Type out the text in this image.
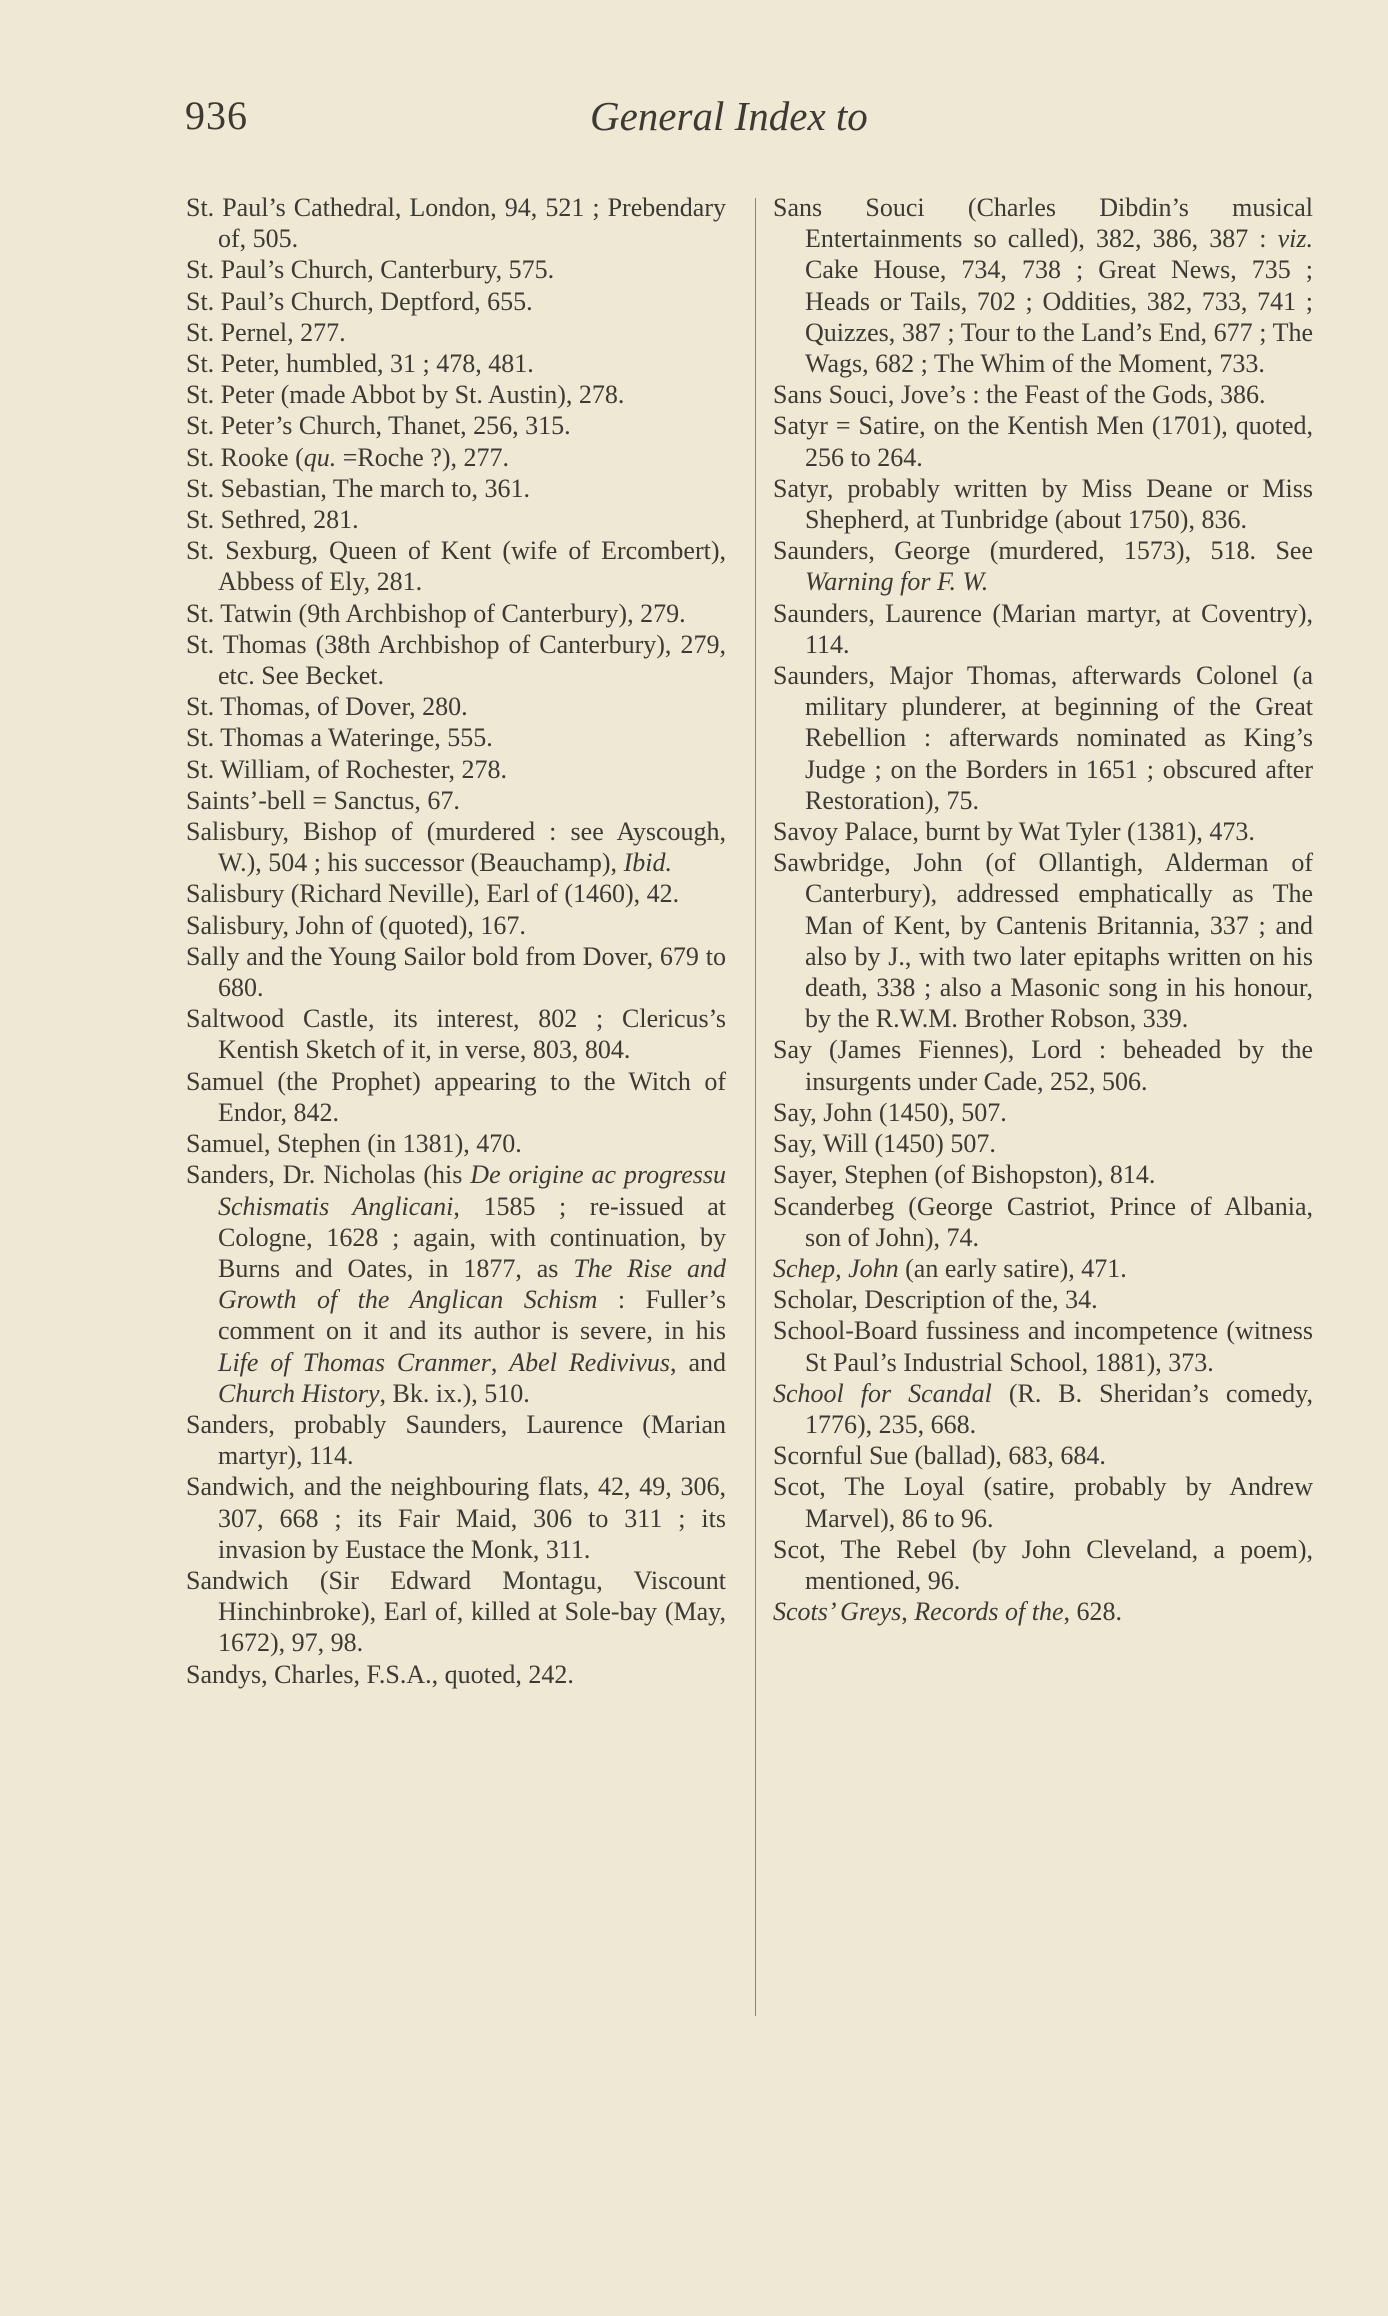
936	General Index to

St. Paul’s Cathedral, London, 94, 521 ; Prebendary of, 505.

St. Paul’s Church, Canterbury, 575.

St. Paul’s Church, Deptford, 655.

St. Pernel, 277.

St. Peter, humbled, 31 ; 478, 481.

St. Peter (made Abbot by St. Austin), 278.

St. Peter’s Church, Thanet, 256, 315.

St. Rooke (qu. =Roche ?), 277.

St. Sebastian, The march to, 361.

St. Sethred, 281.

St. Sexburg, Queen of Kent (wife of Ercombert), Abbess of Ely, 281.

St. Tatwin (9th Archbishop of Canterbury), 279.

St. Thomas (38th Archbishop of Canterbury), 279, etc. See Becket.

St. Thomas, of Dover, 280.

St. Thomas a Wateringe, 555.

St. William, of Rochester, 278.

Saints’-bell = Sanctus, 67.

Salisbury, Bishop of (murdered : see Ayscough, W.), 504 ; his successor (Beauchamp), Ibid.

Salisbury (Richard Neville), Earl of (1460), 42.

Salisbury, John of (quoted), 167.

Sally and the Young Sailor bold from Dover, 679 to 680.

Saltwood Castle, its interest, 802 ; Clericus’s Kentish Sketch of it, in verse, 803, 804.

Samuel (the Prophet) appearing to the Witch of Endor, 842.

Samuel, Stephen (in 1381), 470.

Sanders, Dr. Nicholas (his De origine ac progressu Schismatis Anglicani, 1585 ; re-issued at Cologne, 1628 ; again, with continuation, by Burns and Oates, in 1877, as The Rise and Growth of the Anglican Schism : Fuller’s comment on it and its author is severe, in his Life of Thomas Cranmer, Abel Redivivus, and Church History, Bk. ix.), 510.

Sanders, probably Saunders, Laurence (Marian martyr), 114.

Sandwich, and the neighbouring flats, 42, 49, 306, 307, 668 ; its Fair Maid, 306 to 311 ; its invasion by Eustace the Monk, 311.

Sandwich (Sir Edward Montagu, Viscount Hinchinbroke), Earl of, killed at Sole-bay (May, 1672), 97, 98.

Sandys, Charles, F.S.A., quoted, 242.

Sans Souci (Charles Dibdin’s musical Entertainments so called), 382, 386, 387 : viz. Cake House, 734, 738 ; Great News, 735 ; Heads or Tails, 702 ; Oddities, 382, 733, 741 ; Quizzes, 387 ; Tour to the Land’s End, 677 ; The Wags, 682 ; The Whim of the Moment, 733.

Sans Souci, Jove’s : the Feast of the Gods, 386.

Satyr = Satire, on the Kentish Men (1701), quoted, 256 to 264.

Satyr, probably written by Miss Deane or Miss Shepherd, at Tunbridge (about 1750), 836.

Saunders, George (murdered, 1573), 518. See Warning for F. W.

Saunders, Laurence (Marian martyr, at Coventry), 114.

Saunders, Major Thomas, afterwards Colonel (a military plunderer, at beginning of the Great Rebellion : afterwards nominated as King’s Judge ; on the Borders in 1651 ; obscured after Restoration), 75.

Savoy Palace, burnt by Wat Tyler (1381), 473.

Sawbridge, John (of Ollantigh, Alderman of Canterbury), addressed emphatically as The Man of Kent, by Cantenis Britannia, 337 ; and also by J., with two later epitaphs written on his death, 338 ; also a Masonic song in his honour, by the R.W.M. Brother Robson, 339.

Say (James Fiennes), Lord : beheaded by the insurgents under Cade, 252, 506.

Say, John (1450), 507.

Say, Will (1450) 507.

Sayer, Stephen (of Bishopston), 814.

Scanderbeg (George Castriot, Prince of Albania, son of John), 74.

Schep, John (an early satire), 471.

Scholar, Description of the, 34.

School-Board fussiness and incompetence (witness St Paul’s Industrial School, 1881), 373.

School for Scandal (R. B. Sheridan’s comedy, 1776), 235, 668.

Scornful Sue (ballad), 683, 684.

Scot, The Loyal (satire, probably by Andrew Marvel), 86 to 96.

Scot, The Rebel (by John Cleveland, a poem), mentioned, 96.

Scots’ Greys, Records of the, 628.
